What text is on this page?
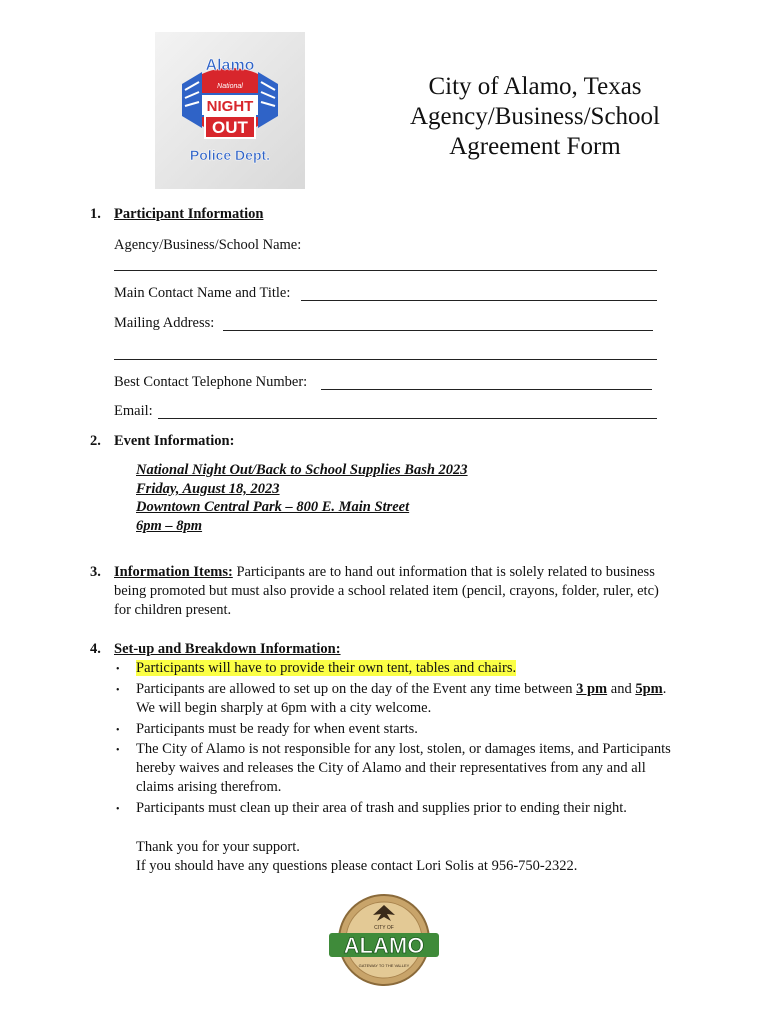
Alamo
National
NIGHT
OUT
Police Dept.
City of Alamo, Texas
Agency/Business/School
Agreement Form
1. Participant Information
Agency/Business/School Name:
Main Contact Name and Title:
Mailing Address:
Best Contact Telephone Number:
Email:
2. Event Information:
National Night Out/Back to School Supplies Bash 2023
Friday, August 18, 2023
Downtown Central Park – 800 E. Main Street
6pm – 8pm
3. Information Items: Participants are to hand out information that is solely related to business
being promoted but must also provide a school related item (pencil, crayons, folder, ruler, etc)
for children present.
4. Set-up and Breakdown Information:
• Participants will have to provide their own tent, tables and chairs.
• Participants are allowed to set up on the day of the Event any time between 3 pm and 5pm.
We will begin sharply at 6pm with a city welcome.
• Participants must be ready for when event starts.
• The City of Alamo is not responsible for any lost, stolen, or damages items, and Participants
hereby waives and releases the City of Alamo and their representatives from any and all
claims arising therefrom.
• Participants must clean up their area of trash and supplies prior to ending their night.
Thank you for your support.
If you should have any questions please contact Lori Solis at 956-750-2322.
CITY OF
ALAMO
GATEWAY TO THE VALLEY
